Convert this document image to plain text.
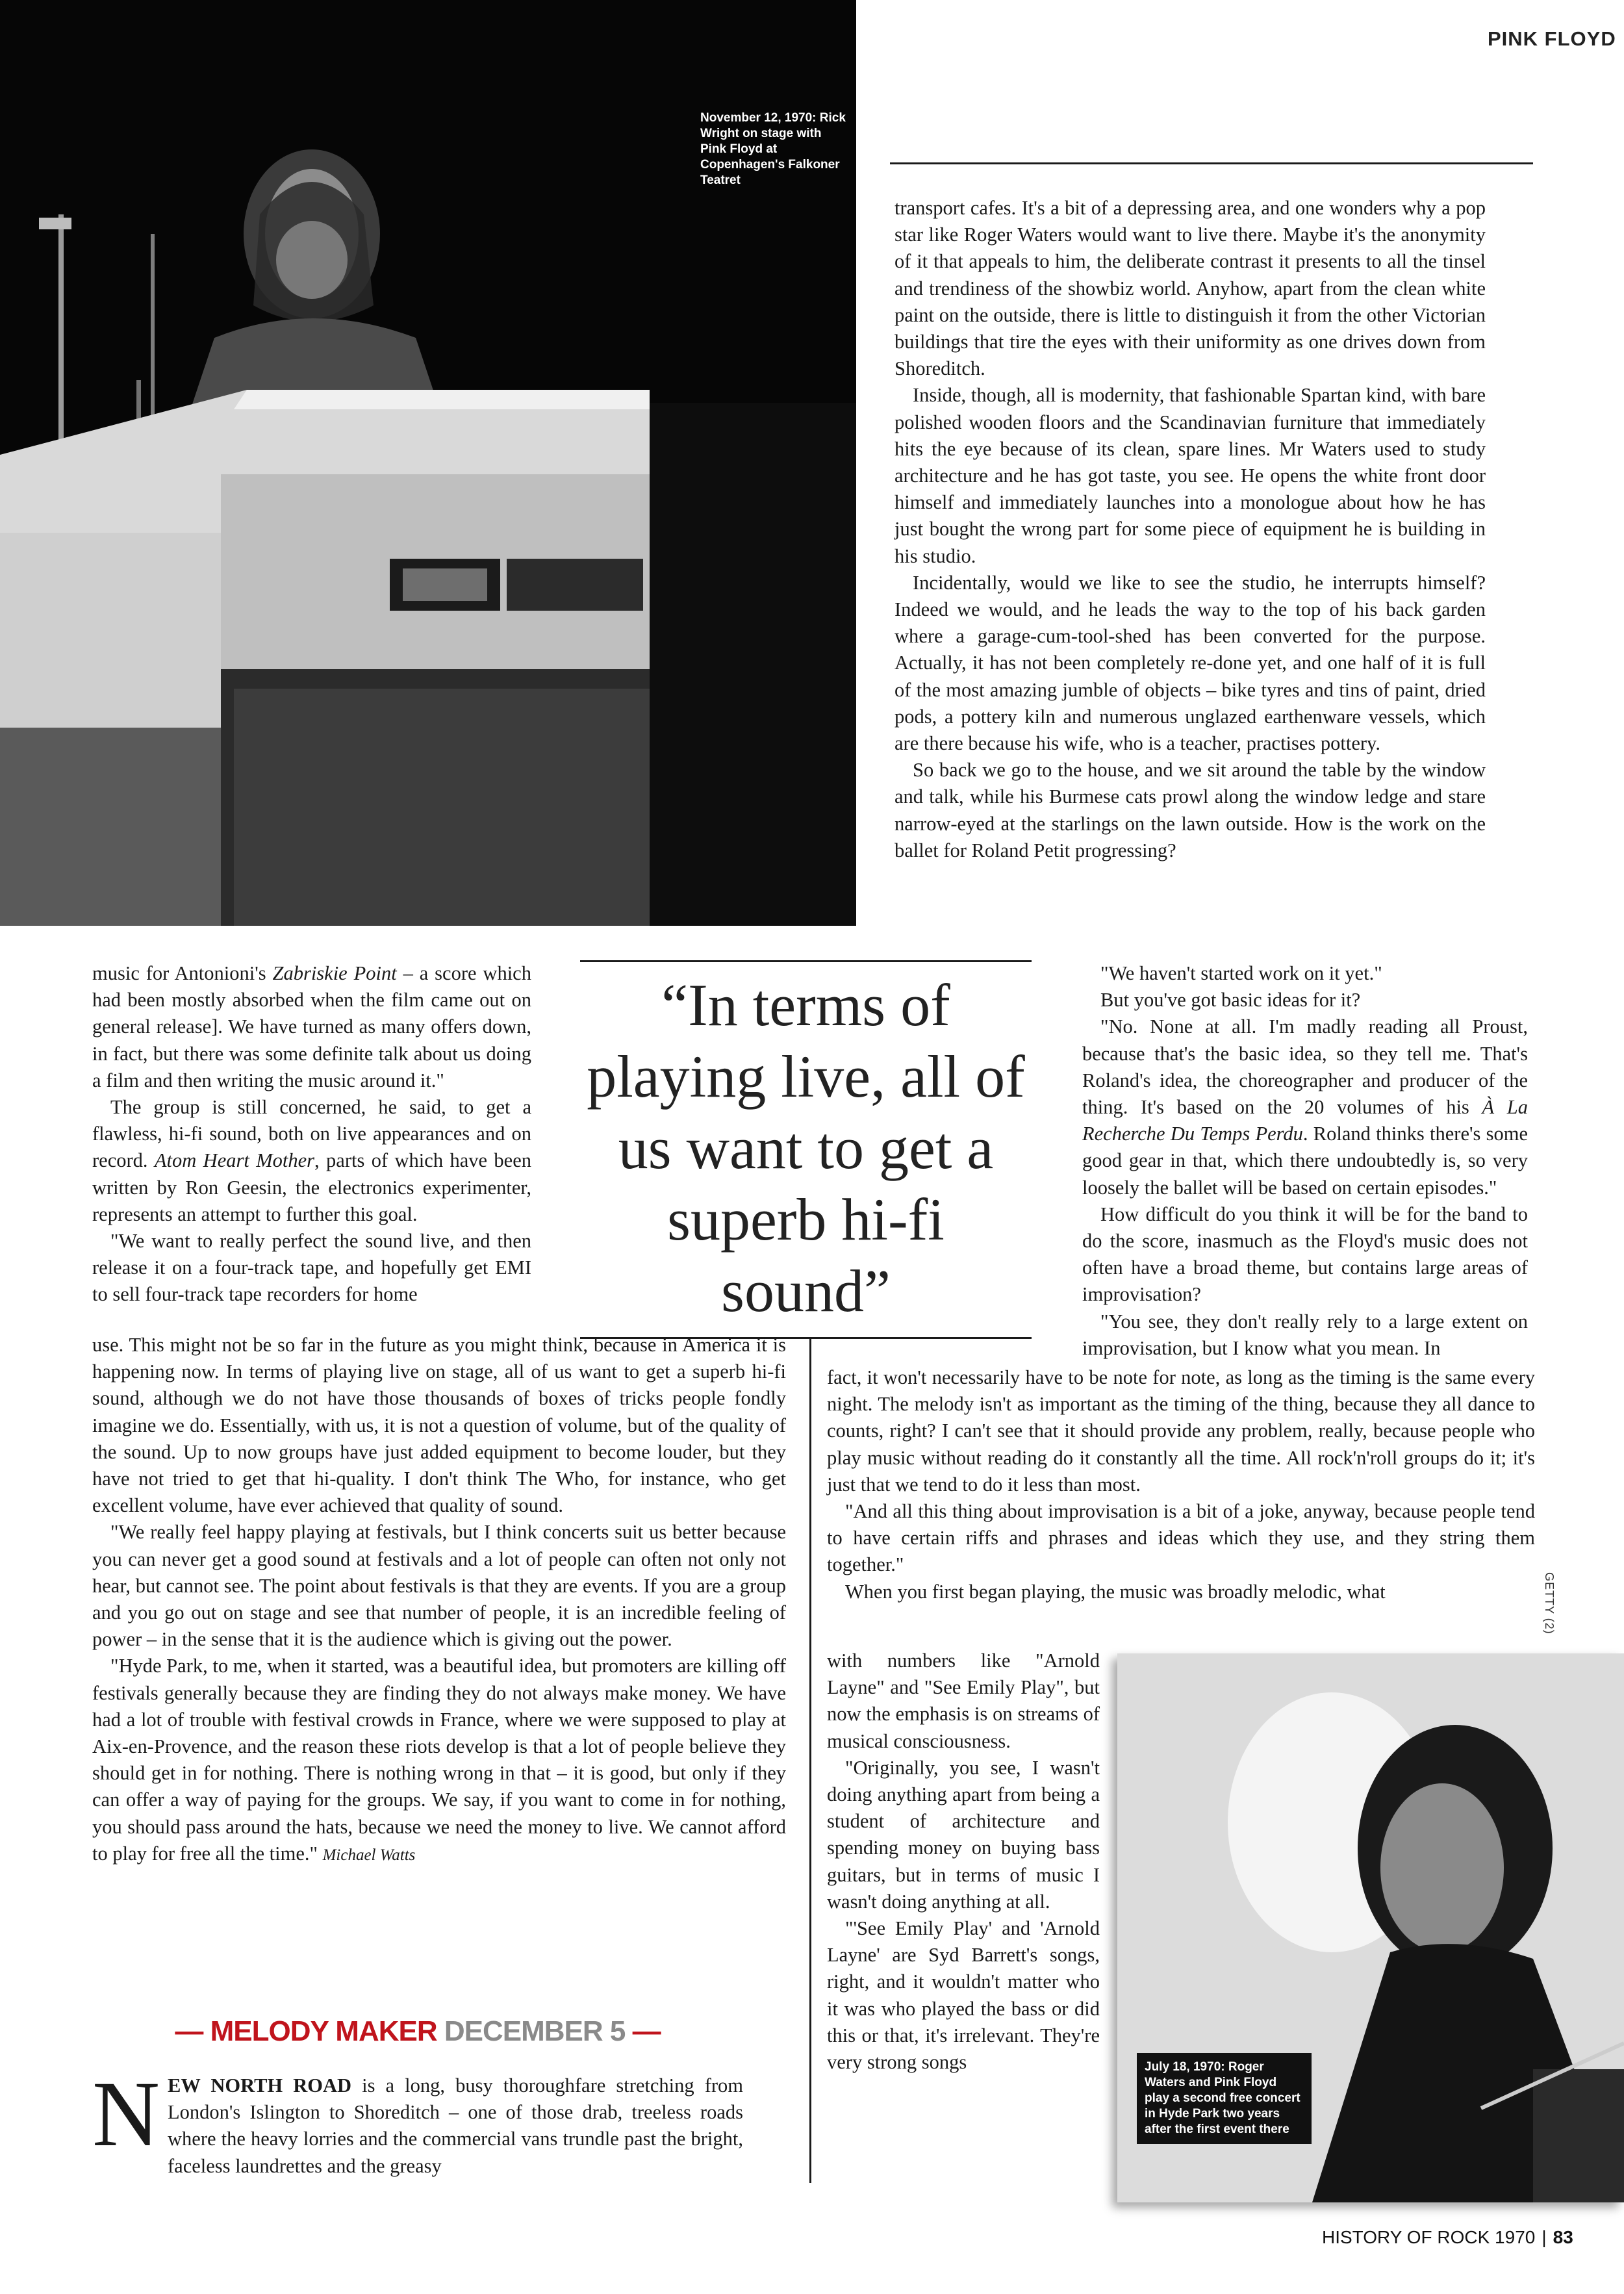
PINK FLOYD
November 12, 1970: Rick Wright on stage with Pink Floyd at Copenhagen's Falkoner Teatret

transport cafes. It's a bit of a depressing area, and one wonders why a pop star like Roger Waters would want to live there. Maybe it's the anonymity of it that appeals to him, the deliberate contrast it presents to all the tinsel and trendiness of the showbiz world. Anyhow, apart from the clean white paint on the outside, there is little to distinguish it from the other Victorian buildings that tire the eyes with their uniformity as one drives down from Shoreditch.

Inside, though, all is modernity, that fashionable Spartan kind, with bare polished wooden floors and the Scandinavian furniture that immediately hits the eye because of its clean, spare lines. Mr Waters used to study architecture and he has got taste, you see. He opens the white front door himself and immediately launches into a monologue about how he has just bought the wrong part for some piece of equipment he is building in his studio.

Incidentally, would we like to see the studio, he interrupts himself? Indeed we would, and he leads the way to the top of his back garden where a garage-cum-tool-shed has been converted for the purpose. Actually, it has not been completely re-done yet, and one half of it is full of the most amazing jumble of objects – bike tyres and tins of paint, dried pods, a pottery kiln and numerous unglazed earthenware vessels, which are there because his wife, who is a teacher, practises pottery.

So back we go to the house, and we sit around the table by the window and talk, while his Burmese cats prowl along the window ledge and stare narrow-eyed at the starlings on the lawn outside. How is the work on the ballet for Roland Petit progressing?

music for Antonioni's Zabriskie Point – a score which had been mostly absorbed when the film came out on general release]. We have turned as many offers down, in fact, but there was some definite talk about us doing a film and then writing the music around it."

The group is still concerned, he said, to get a flawless, hi-fi sound, both on live appearances and on record. Atom Heart Mother, parts of which have been written by Ron Geesin, the electronics experimenter, represents an attempt to further this goal.

"We want to really perfect the sound live, and then release it on a four-track tape, and hopefully get EMI to sell four-track tape recorders for home

“In terms of playing live, all of us want to get a superb hi-fi sound”

"We haven't started work on it yet."

But you've got basic ideas for it?

"No. None at all. I'm madly reading all Proust, because that's the basic idea, so they tell me. That's Roland's idea, the choreographer and producer of the thing. It's based on the 20 volumes of his À La Recherche Du Temps Perdu. Roland thinks there's some good gear in that, which there undoubtedly is, so very loosely the ballet will be based on certain episodes."

How difficult do you think it will be for the band to do the score, inasmuch as the Floyd's music does not often have a broad theme, but contains large areas of improvisation?

"You see, they don't really rely to a large extent on improvisation, but I know what you mean. In

use. This might not be so far in the future as you might think, because in America it is happening now. In terms of playing live on stage, all of us want to get a superb hi-fi sound, although we do not have those thousands of boxes of tricks people fondly imagine we do. Essentially, with us, it is not a question of volume, but of the quality of the sound. Up to now groups have just added equipment to become louder, but they have not tried to get that hi-quality. I don't think The Who, for instance, who get excellent volume, have ever achieved that quality of sound.

"We really feel happy playing at festivals, but I think concerts suit us better because you can never get a good sound at festivals and a lot of people can often not only not hear, but cannot see. The point about festivals is that they are events. If you are a group and you go out on stage and see that number of people, it is an incredible feeling of power – in the sense that it is the audience which is giving out the power.

"Hyde Park, to me, when it started, was a beautiful idea, but promoters are killing off festivals generally because they are finding they do not always make money. We have had a lot of trouble with festival crowds in France, where we were supposed to play at Aix-en-Provence, and the reason these riots develop is that a lot of people believe they should get in for nothing. There is nothing wrong in that – it is good, but only if they can offer a way of paying for the groups. We say, if you want to come in for nothing, you should pass around the hats, because we need the money to live. We cannot afford to play for free all the time." Michael Watts

fact, it won't necessarily have to be note for note, as long as the timing is the same every night. The melody isn't as important as the timing of the thing, because they all dance to counts, right? I can't see that it should provide any problem, really, because people who play music without reading do it constantly all the time. All rock'n'roll groups do it; it's just that we tend to do it less than most.

"And all this thing about improvisation is a bit of a joke, anyway, because people tend to have certain riffs and phrases and ideas which they use, and they string them together."

When you first began playing, the music was broadly melodic, what

with numbers like "Arnold Layne" and "See Emily Play", but now the emphasis is on streams of musical consciousness.

"Originally, you see, I wasn't doing anything apart from being a student of architecture and spending money on buying bass guitars, but in terms of music I wasn't doing anything at all.

"'See Emily Play' and 'Arnold Layne' are Syd Barrett's songs, right, and it wouldn't matter who it was who played the bass or did this or that, it's irrelevant. They're very strong songs

— MELODY MAKER DECEMBER 5 —

NEW NORTH ROAD is a long, busy thoroughfare stretching from London's Islington to Shoreditch – one of those drab, treeless roads where the heavy lorries and the commercial vans trundle past the bright, faceless laundrettes and the greasy

July 18, 1970: Roger Waters and Pink Floyd play a second free concert in Hyde Park two years after the first event there
GETTY (2)
HISTORY OF ROCK 1970 | 83
